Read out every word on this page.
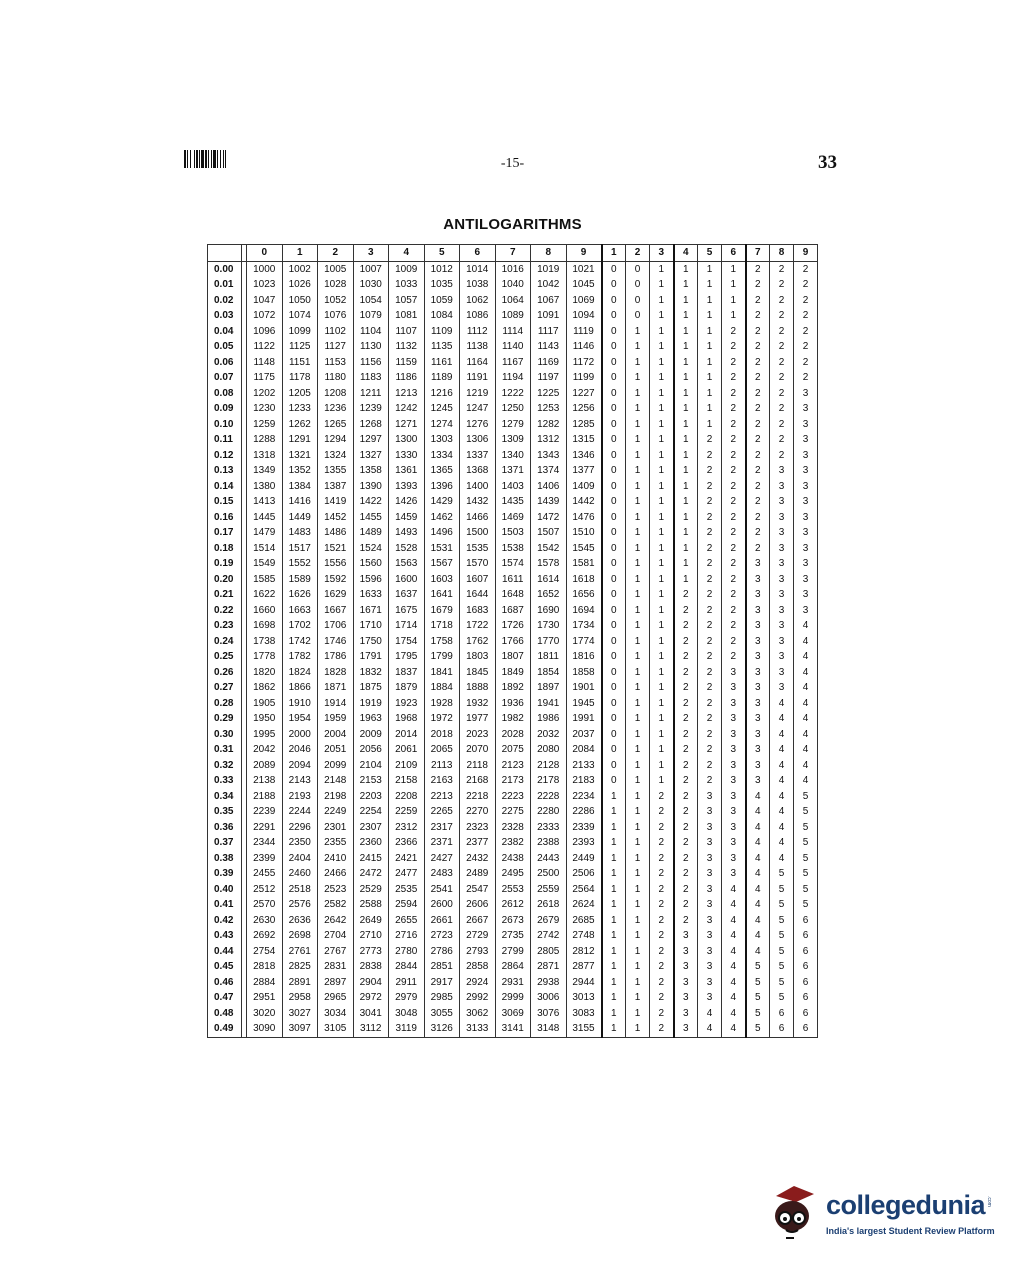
-15-	33
ANTILOGARITHMS
		0	1	2	3	4	5	6	7	8	9	1	2	3	4	5	6	7	8	9
0.00		1000	1002	1005	1007	1009	1012	1014	1016	1019	1021	0	0	1	1	1	1	2	2	2
0.01		1023	1026	1028	1030	1033	1035	1038	1040	1042	1045	0	0	1	1	1	1	2	2	2
0.02		1047	1050	1052	1054	1057	1059	1062	1064	1067	1069	0	0	1	1	1	1	2	2	2
0.03		1072	1074	1076	1079	1081	1084	1086	1089	1091	1094	0	0	1	1	1	1	2	2	2
0.04		1096	1099	1102	1104	1107	1109	1112	1114	1117	1119	0	1	1	1	1	2	2	2	2
0.05		1122	1125	1127	1130	1132	1135	1138	1140	1143	1146	0	1	1	1	1	2	2	2	2
0.06		1148	1151	1153	1156	1159	1161	1164	1167	1169	1172	0	1	1	1	1	2	2	2	2
0.07		1175	1178	1180	1183	1186	1189	1191	1194	1197	1199	0	1	1	1	1	2	2	2	2
0.08		1202	1205	1208	1211	1213	1216	1219	1222	1225	1227	0	1	1	1	1	2	2	2	3
0.09		1230	1233	1236	1239	1242	1245	1247	1250	1253	1256	0	1	1	1	1	2	2	2	3
0.10		1259	1262	1265	1268	1271	1274	1276	1279	1282	1285	0	1	1	1	1	2	2	2	3
0.11		1288	1291	1294	1297	1300	1303	1306	1309	1312	1315	0	1	1	1	2	2	2	2	3
0.12		1318	1321	1324	1327	1330	1334	1337	1340	1343	1346	0	1	1	1	2	2	2	2	3
0.13		1349	1352	1355	1358	1361	1365	1368	1371	1374	1377	0	1	1	1	2	2	2	3	3
0.14		1380	1384	1387	1390	1393	1396	1400	1403	1406	1409	0	1	1	1	2	2	2	3	3
0.15		1413	1416	1419	1422	1426	1429	1432	1435	1439	1442	0	1	1	1	2	2	2	3	3
0.16		1445	1449	1452	1455	1459	1462	1466	1469	1472	1476	0	1	1	1	2	2	2	3	3
0.17		1479	1483	1486	1489	1493	1496	1500	1503	1507	1510	0	1	1	1	2	2	2	3	3
0.18		1514	1517	1521	1524	1528	1531	1535	1538	1542	1545	0	1	1	1	2	2	2	3	3
0.19		1549	1552	1556	1560	1563	1567	1570	1574	1578	1581	0	1	1	1	2	2	3	3	3
0.20		1585	1589	1592	1596	1600	1603	1607	1611	1614	1618	0	1	1	1	2	2	3	3	3
0.21		1622	1626	1629	1633	1637	1641	1644	1648	1652	1656	0	1	1	2	2	2	3	3	3
0.22		1660	1663	1667	1671	1675	1679	1683	1687	1690	1694	0	1	1	2	2	2	3	3	3
0.23		1698	1702	1706	1710	1714	1718	1722	1726	1730	1734	0	1	1	2	2	2	3	3	4
0.24		1738	1742	1746	1750	1754	1758	1762	1766	1770	1774	0	1	1	2	2	2	3	3	4
0.25		1778	1782	1786	1791	1795	1799	1803	1807	1811	1816	0	1	1	2	2	2	3	3	4
0.26		1820	1824	1828	1832	1837	1841	1845	1849	1854	1858	0	1	1	2	2	3	3	3	4
0.27		1862	1866	1871	1875	1879	1884	1888	1892	1897	1901	0	1	1	2	2	3	3	3	4
0.28		1905	1910	1914	1919	1923	1928	1932	1936	1941	1945	0	1	1	2	2	3	3	4	4
0.29		1950	1954	1959	1963	1968	1972	1977	1982	1986	1991	0	1	1	2	2	3	3	4	4
0.30		1995	2000	2004	2009	2014	2018	2023	2028	2032	2037	0	1	1	2	2	3	3	4	4
0.31		2042	2046	2051	2056	2061	2065	2070	2075	2080	2084	0	1	1	2	2	3	3	4	4
0.32		2089	2094	2099	2104	2109	2113	2118	2123	2128	2133	0	1	1	2	2	3	3	4	4
0.33		2138	2143	2148	2153	2158	2163	2168	2173	2178	2183	0	1	1	2	2	3	3	4	4
0.34		2188	2193	2198	2203	2208	2213	2218	2223	2228	2234	1	1	2	2	3	3	4	4	5
0.35		2239	2244	2249	2254	2259	2265	2270	2275	2280	2286	1	1	2	2	3	3	4	4	5
0.36		2291	2296	2301	2307	2312	2317	2323	2328	2333	2339	1	1	2	2	3	3	4	4	5
0.37		2344	2350	2355	2360	2366	2371	2377	2382	2388	2393	1	1	2	2	3	3	4	4	5
0.38		2399	2404	2410	2415	2421	2427	2432	2438	2443	2449	1	1	2	2	3	3	4	4	5
0.39		2455	2460	2466	2472	2477	2483	2489	2495	2500	2506	1	1	2	2	3	3	4	5	5
0.40		2512	2518	2523	2529	2535	2541	2547	2553	2559	2564	1	1	2	2	3	4	4	5	5
0.41		2570	2576	2582	2588	2594	2600	2606	2612	2618	2624	1	1	2	2	3	4	4	5	5
0.42		2630	2636	2642	2649	2655	2661	2667	2673	2679	2685	1	1	2	2	3	4	4	5	6
0.43		2692	2698	2704	2710	2716	2723	2729	2735	2742	2748	1	1	2	3	3	4	4	5	6
0.44		2754	2761	2767	2773	2780	2786	2793	2799	2805	2812	1	1	2	3	3	4	4	5	6
0.45		2818	2825	2831	2838	2844	2851	2858	2864	2871	2877	1	1	2	3	3	4	5	5	6
0.46		2884	2891	2897	2904	2911	2917	2924	2931	2938	2944	1	1	2	3	3	4	5	5	6
0.47		2951	2958	2965	2972	2979	2985	2992	2999	3006	3013	1	1	2	3	3	4	5	5	6
0.48		3020	3027	3034	3041	3048	3055	3062	3069	3076	3083	1	1	2	3	4	4	5	6	6
0.49		3090	3097	3105	3112	3119	3126	3133	3141	3148	3155	1	1	2	3	4	4	5	6	6
collegedunia .com
India's largest Student Review Platform
